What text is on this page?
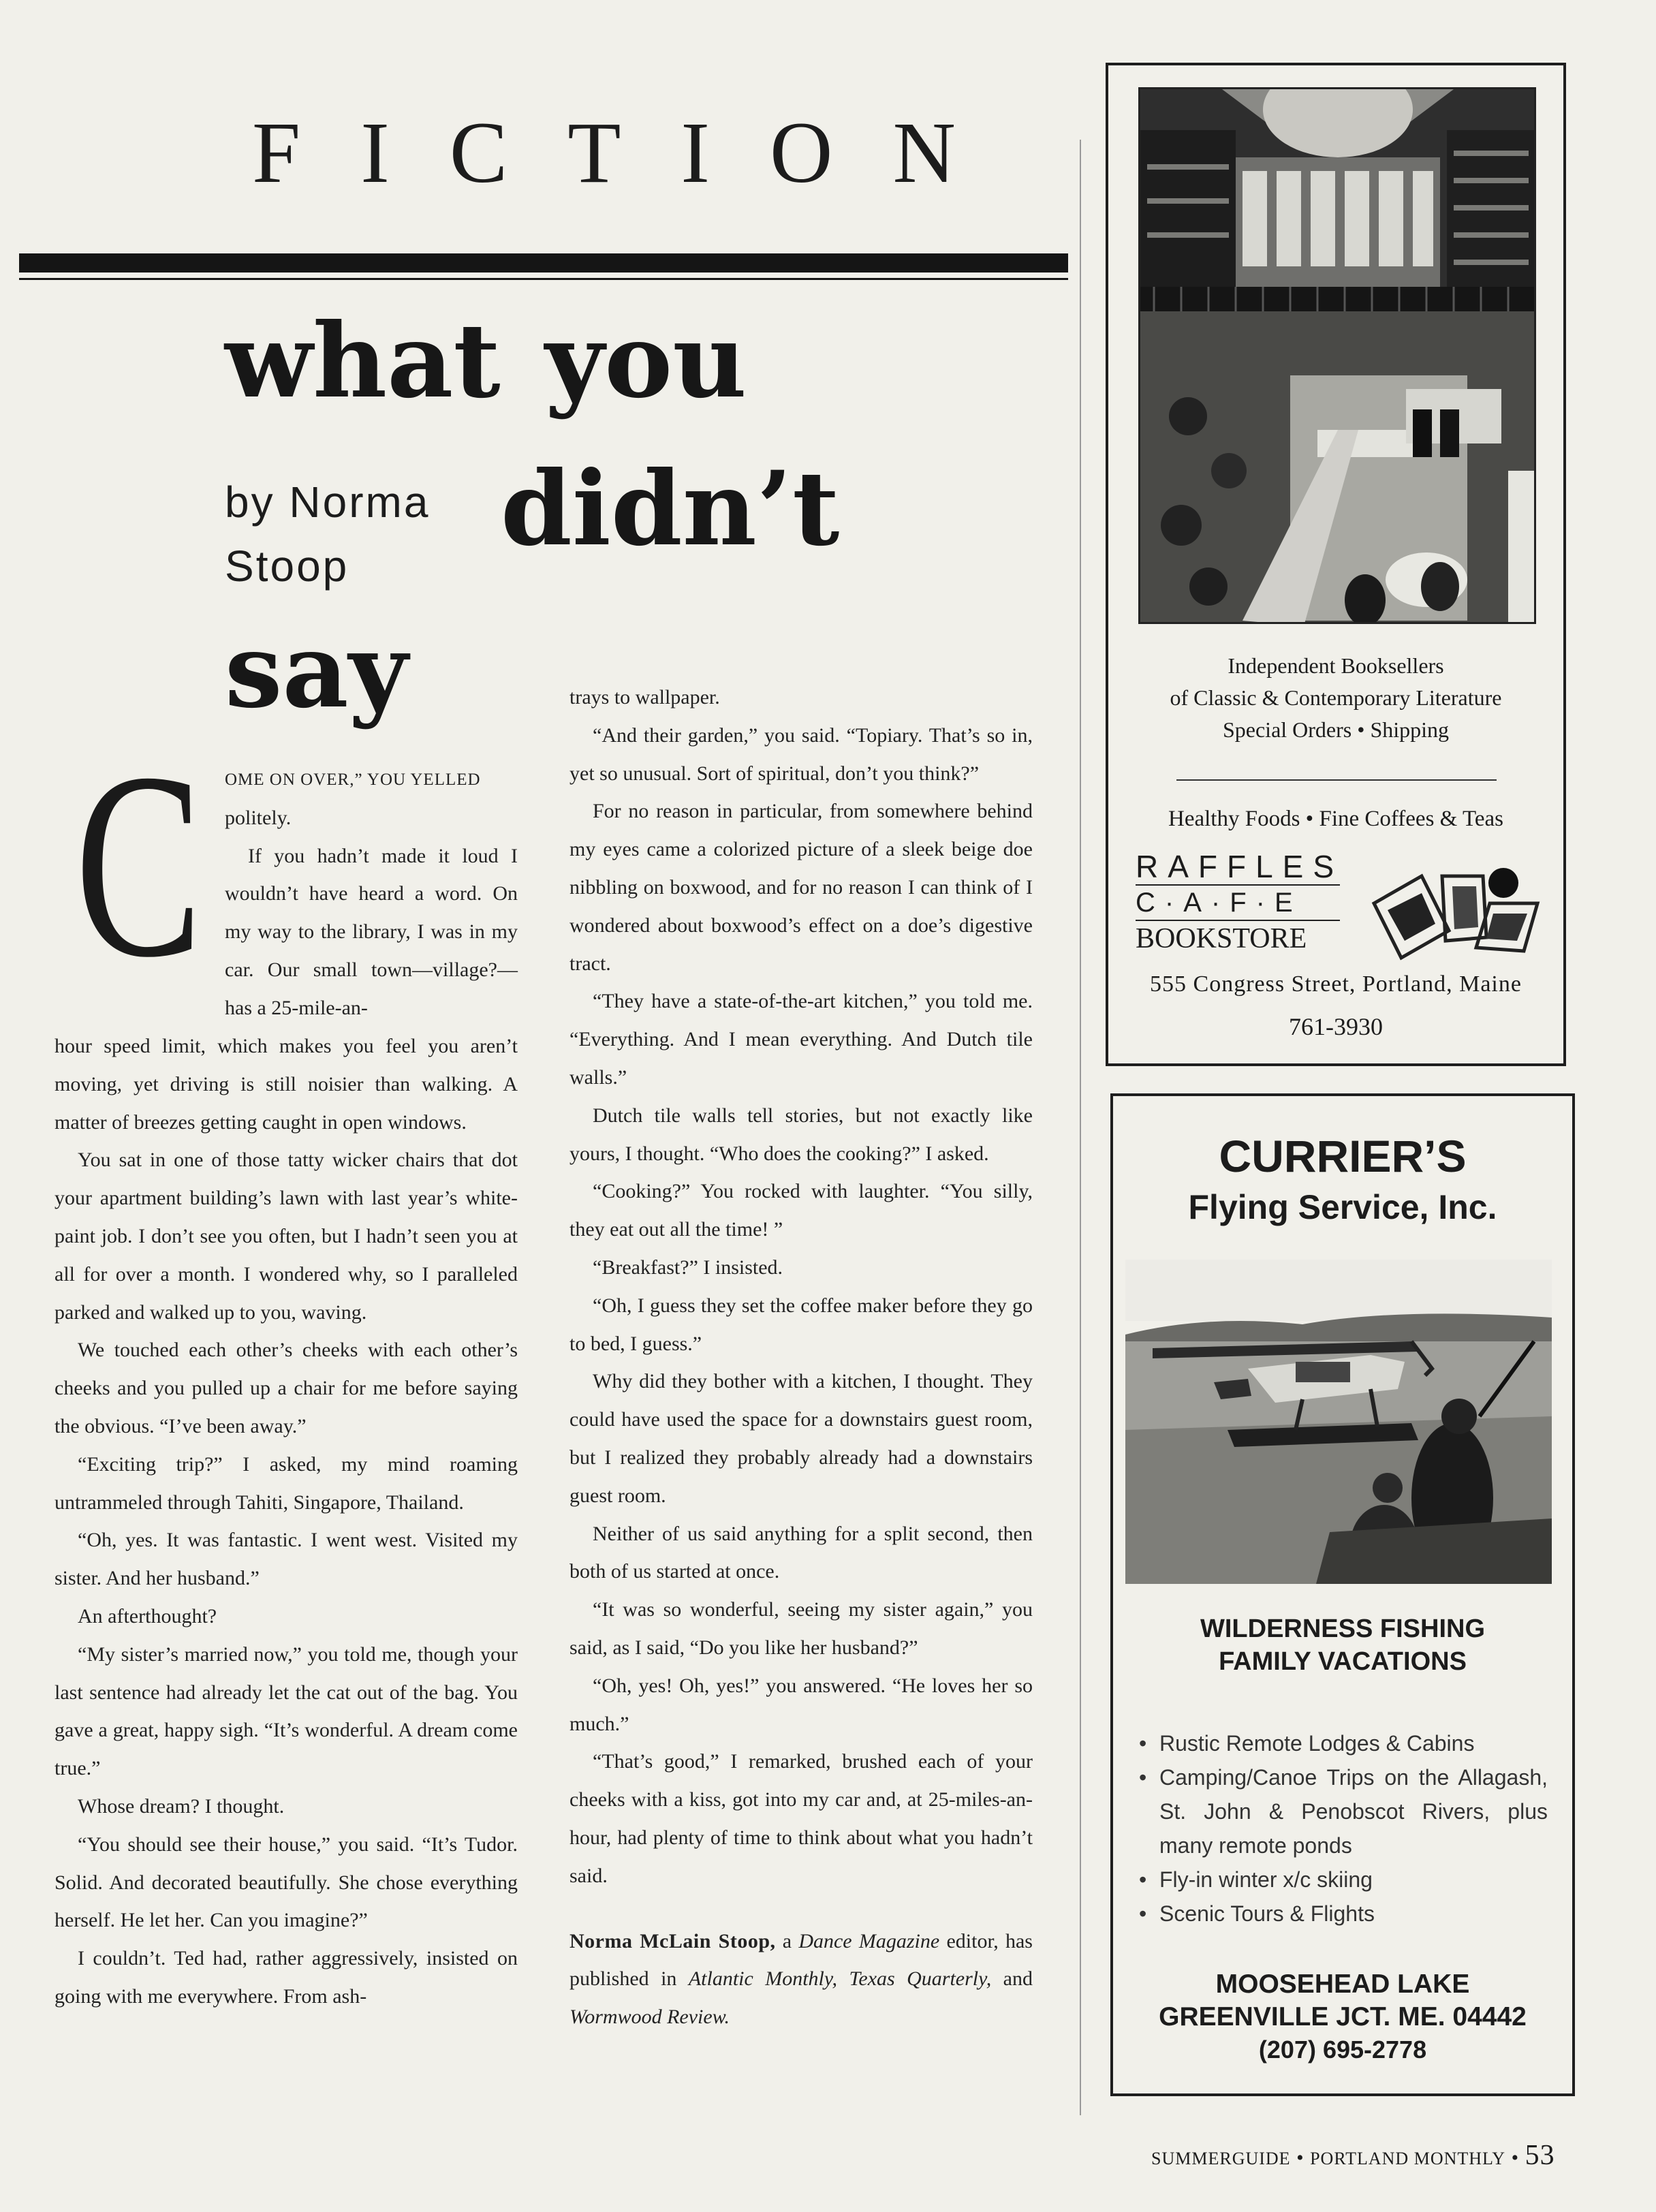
FICTION
what you
didn’t
say
by Norma
Stoop
C OME ON OVER,” YOU YELLED
politely.

If you hadn’t made it loud I wouldn’t have heard a word. On my way to the library, I was in my car. Our small town—village?—has a 25-mile-an-

hour speed limit, which makes you feel you aren’t moving, yet driving is still noisier than walking. A matter of breezes getting caught in open windows.

You sat in one of those tatty wicker chairs that dot your apartment building’s lawn with last year’s white-paint job. I don’t see you often, but I hadn’t seen you at all for over a month. I wondered why, so I paralleled parked and walked up to you, waving.

We touched each other’s cheeks with each other’s cheeks and you pulled up a chair for me before saying the obvious. “I’ve been away.”

“Exciting trip?” I asked, my mind roaming untrammeled through Tahiti, Singapore, Thailand.

“Oh, yes. It was fantastic. I went west. Visited my sister. And her husband.”

An afterthought?

“My sister’s married now,” you told me, though your last sentence had already let the cat out of the bag. You gave a great, happy sigh. “It’s wonderful. A dream come true.”

Whose dream? I thought.

“You should see their house,” you said. “It’s Tudor. Solid. And decorated beautifully. She chose everything herself. He let her. Can you imagine?”

I couldn’t. Ted had, rather aggressively, insisted on going with me everywhere. From ash-

trays to wallpaper.

“And their garden,” you said. “Topiary. That’s so in, yet so unusual. Sort of spiritual, don’t you think?”

For no reason in particular, from somewhere behind my eyes came a colorized picture of a sleek beige doe nibbling on boxwood, and for no reason I can think of I wondered about boxwood’s effect on a doe’s digestive tract.

“They have a state-of-the-art kitchen,” you told me. “Everything. And I mean everything. And Dutch tile walls.”

Dutch tile walls tell stories, but not exactly like yours, I thought. “Who does the cooking?” I asked.

“Cooking?” You rocked with laughter. “You silly, they eat out all the time! ”

“Breakfast?” I insisted.

“Oh, I guess they set the coffee maker before they go to bed, I guess.”

Why did they bother with a kitchen, I thought. They could have used the space for a downstairs guest room, but I realized they probably already had a downstairs guest room.

Neither of us said anything for a split second, then both of us started at once.

“It was so wonderful, seeing my sister again,” you said, as I said, “Do you like her husband?”

“Oh, yes! Oh, yes!” you answered. “He loves her so much.”

“That’s good,” I remarked, brushed each of your cheeks with a kiss, got into my car and, at 25-miles-an-hour, had plenty of time to think about what you hadn’t said.

Norma McLain Stoop, a Dance Magazine editor, has published in Atlantic Monthly, Texas Quarterly, and Wormwood Review.

Independent Booksellers
of Classic & Contemporary Literature
Special Orders • Shipping
Healthy Foods • Fine Coffees & Teas
RAFFLES
C·A·F·E
BOOKSTORE
555 Congress Street, Portland, Maine
761-3930
CURRIER’S
Flying Service, Inc.
WILDERNESS FISHING
FAMILY VACATIONS
• Rustic Remote Lodges & Cabins
• Camping/Canoe Trips on the Allagash, St. John & Penobscot Rivers, plus many remote ponds
• Fly-in winter x/c skiing
• Scenic Tours & Flights
MOOSEHEAD LAKE
GREENVILLE JCT. ME. 04442
(207) 695-2778
SUMMERGUIDE • PORTLAND MONTHLY • 53
